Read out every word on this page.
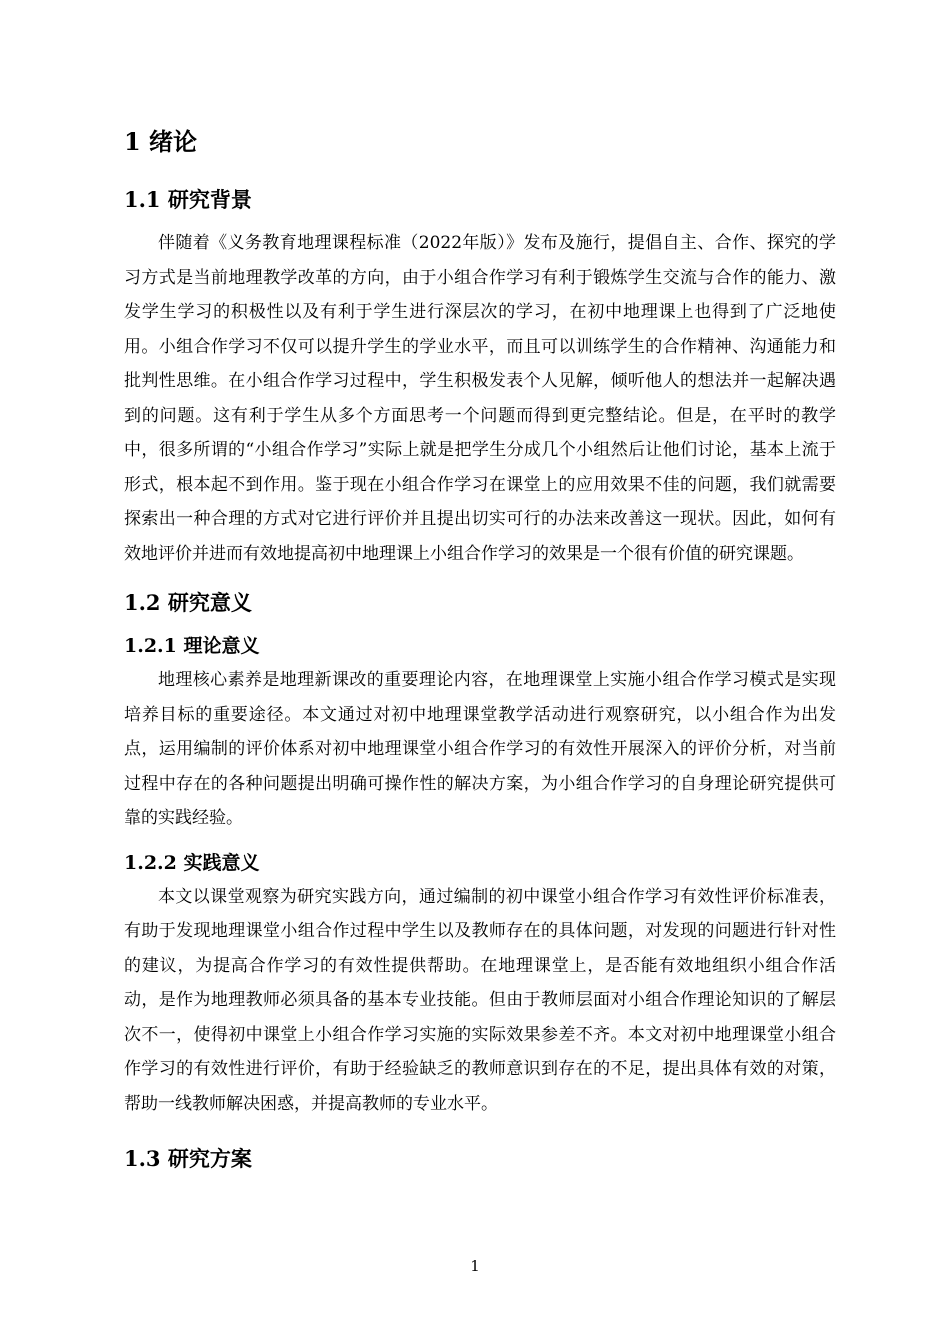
1 绪论
1.1 研究背景

伴随着《义务教育地理课程标准（2022年版）》发布及施行，提倡自主、合作、探究的学习方式是当前地理教学改革的方向，由于小组合作学习有利于锻炼学生交流与合作的能力、激发学生学习的积极性以及有利于学生进行深层次的学习，在初中地理课上也得到了广泛地使用。小组合作学习不仅可以提升学生的学业水平，而且可以训练学生的合作精神、沟通能力和批判性思维。在小组合作学习过程中，学生积极发表个人见解，倾听他人的想法并一起解决遇到的问题。这有利于学生从多个方面思考一个问题而得到更完整结论。但是，在平时的教学中，很多所谓的“小组合作学习”实际上就是把学生分成几个小组然后让他们讨论，基本上流于形式，根本起不到作用。鉴于现在小组合作学习在课堂上的应用效果不佳的问题，我们就需要探索出一种合理的方式对它进行评价并且提出切实可行的办法来改善这一现状。因此，如何有效地评价并进而有效地提高初中地理课上小组合作学习的效果是一个很有价值的研究课题。

1.2 研究意义
1.2.1 理论意义

地理核心素养是地理新课改的重要理论内容，在地理课堂上实施小组合作学习模式是实现培养目标的重要途径。本文通过对初中地理课堂教学活动进行观察研究，以小组合作为出发点，运用编制的评价体系对初中地理课堂小组合作学习的有效性开展深入的评价分析，对当前过程中存在的各种问题提出明确可操作性的解决方案，为小组合作学习的自身理论研究提供可靠的实践经验。

1.2.2 实践意义

本文以课堂观察为研究实践方向，通过编制的初中课堂小组合作学习有效性评价标准表，有助于发现地理课堂小组合作过程中学生以及教师存在的具体问题，对发现的问题进行针对性的建议，为提高合作学习的有效性提供帮助。在地理课堂上，是否能有效地组织小组合作活动，是作为地理教师必须具备的基本专业技能。但由于教师层面对小组合作理论知识的了解层次不一，使得初中课堂上小组合作学习实施的实际效果参差不齐。本文对初中地理课堂小组合作学习的有效性进行评价，有助于经验缺乏的教师意识到存在的不足，提出具体有效的对策，帮助一线教师解决困惑，并提高教师的专业水平。

1.3 研究方案
1
